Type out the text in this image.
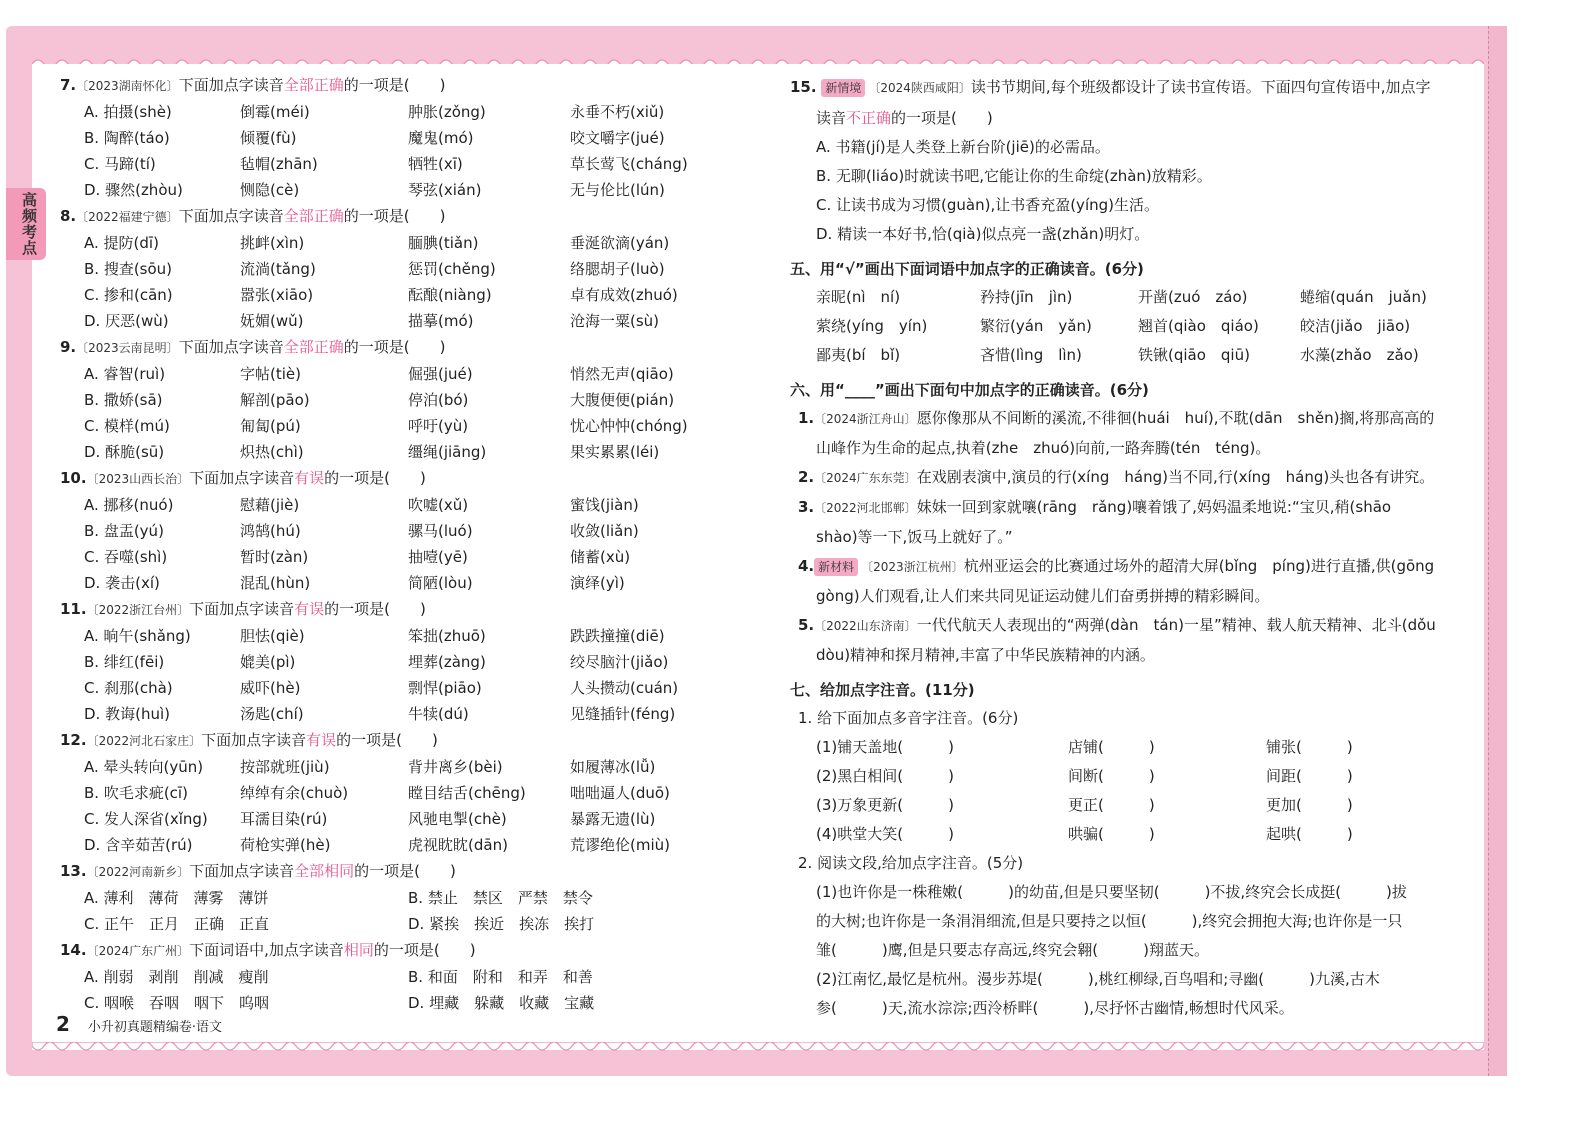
高频考点
7.〔2023湖南怀化〕下面加点字读音全部正确的一项是(　　)
A. 拍摄(shè)	倒霉(méi)	肿胀(zǒng)	永垂不朽(xiǔ)
B. 陶醉(táo)	倾覆(fù)	魔鬼(mó)	咬文嚼字(jué)
C. 马蹄(tí)	毡帽(zhān)	牺牲(xī)	草长莺飞(cháng)
D. 骤然(zhòu)	恻隐(cè)	琴弦(xián)	无与伦比(lún)
8.〔2022福建宁德〕下面加点字读音全部正确的一项是(　　)
A. 提防(dī)	挑衅(xìn)	腼腆(tiǎn)	垂涎欲滴(yán)
B. 搜查(sōu)	流淌(tǎng)	惩罚(chěng)	络腮胡子(luò)
C. 掺和(cān)	嚣张(xiāo)	酝酿(niàng)	卓有成效(zhuó)
D. 厌恶(wù)	妩媚(wǔ)	描摹(mó)	沧海一粟(sù)
9.〔2023云南昆明〕下面加点字读音全部正确的一项是(　　)
A. 睿智(ruì)	字帖(tiè)	倔强(jué)	悄然无声(qiāo)
B. 撒娇(sā)	解剖(pāo)	停泊(bó)	大腹便便(pián)
C. 模样(mú)	匍匐(pú)	呼吁(yù)	忧心忡忡(chóng)
D. 酥脆(sū)	炽热(chì)	缰绳(jiāng)	果实累累(léi)
10.〔2023山西长治〕下面加点字读音有误的一项是(　　)
A. 挪移(nuó)	慰藉(jiè)	吹嘘(xǔ)	蜜饯(jiàn)
B. 盘盂(yú)	鸿鹄(hú)	骡马(luó)	收敛(liǎn)
C. 吞噬(shì)	暂时(zàn)	抽噎(yē)	储蓄(xù)
D. 袭击(xí)	混乱(hùn)	简陋(lòu)	演绎(yì)
11.〔2022浙江台州〕下面加点字读音有误的一项是(　　)
A. 晌午(shǎng)	胆怯(qiè)	笨拙(zhuō)	跌跌撞撞(diē)
B. 绯红(fēi)	媲美(pì)	埋葬(zàng)	绞尽脑汁(jiǎo)
C. 刹那(chà)	威吓(hè)	剽悍(piāo)	人头攒动(cuán)
D. 教诲(huì)	汤匙(chí)	牛犊(dú)	见缝插针(féng)
12.〔2022河北石家庄〕下面加点字读音有误的一项是(　　)
A. 晕头转向(yūn) 按部就班(jiù)	背井离乡(bèi)	如履薄冰(lǚ)
B. 吹毛求疵(cī)	绰绰有余(chuò)	瞠目结舌(chēng)	咄咄逼人(duō)
C. 发人深省(xǐng) 耳濡目染(rú)	风驰电掣(chè)	暴露无遗(lù)
D. 含辛茹苦(rú)	荷枪实弹(hè)	虎视眈眈(dān)	荒谬绝伦(miù)
13.〔2022河南新乡〕下面加点字读音全部相同的一项是(　　)
A. 薄利　薄荷　薄雾　薄饼	B. 禁止　禁区　严禁　禁令
C. 正午　正月　正确　正直	D. 紧挨　挨近　挨冻　挨打
14.〔2024广东广州〕下面词语中,加点字读音相同的一项是(　　)
A. 削弱　剥削　削减　瘦削	B. 和面　附和　和弄　和善
C. 咽喉　吞咽　咽下　呜咽	D. 埋藏　躲藏　收藏　宝藏
15. 新情境 〔2024陕西咸阳〕读书节期间,每个班级都设计了读书宣传语。下面四句宣传语中,加点字
读音不正确的一项是(　　)
A. 书籍(jí)是人类登上新台阶(jiē)的必需品。
B. 无聊(liáo)时就读书吧,它能让你的生命绽(zhàn)放精彩。
C. 让读书成为习惯(guàn),让书香充盈(yíng)生活。
D. 精读一本好书,恰(qià)似点亮一盏(zhǎn)明灯。
五、用“√”画出下面词语中加点字的正确读音。(6分)
亲昵(nì　ní)	矜持(jīn　jìn)	开凿(zuó　záo)	蜷缩(quán　juǎn)
萦绕(yíng　yín)	繁衍(yán　yǎn)	翘首(qiào　qiáo)	皎洁(jiǎo　jiāo)
鄙夷(bí　bǐ)	吝惜(lìng　lìn)	铁锹(qiāo　qiū)	水藻(zhǎo　zǎo)
六、用“____”画出下面句中加点字的正确读音。(6分)
1.〔2024浙江舟山〕愿你像那从不间断的溪流,不徘徊(huái　huí),不耽(dān　shěn)搁,将那高高的
山峰作为生命的起点,执着(zhe　zhuó)向前,一路奔腾(tén　téng)。
2.〔2024广东东莞〕在戏剧表演中,演员的行(xíng　háng)当不同,行(xíng　háng)头也各有讲究。
3.〔2022河北邯郸〕妹妹一回到家就嚷(rāng　rǎng)嚷着饿了,妈妈温柔地说:“宝贝,稍(shāo
shào)等一下,饭马上就好了。”
4. 新材料 〔2023浙江杭州〕杭州亚运会的比赛通过场外的超清大屏(bǐng　píng)进行直播,供(gōng
gòng)人们观看,让人们来共同见证运动健儿们奋勇拼搏的精彩瞬间。
5.〔2022山东济南〕一代代航天人表现出的“两弹(dàn　tán)一星”精神、载人航天精神、北斗(dǒu
dòu)精神和探月精神,丰富了中华民族精神的内涵。
七、给加点字注音。(11分)
1. 给下面加点多音字注音。(6分)
(1)铺天盖地(　　　)	店铺(　　　)	铺张(　　　)
(2)黑白相间(　　　)	间断(　　　)	间距(　　　)
(3)万象更新(　　　)	更正(　　　)	更加(　　　)
(4)哄堂大笑(　　　)	哄骗(　　　)	起哄(　　　)
2. 阅读文段,给加点字注音。(5分)
(1)也许你是一株稚嫩(　　　)的幼苗,但是只要坚韧(　　　)不拔,终究会长成挺(　　　)拔
的大树;也许你是一条涓涓细流,但是只要持之以恒(　　　),终究会拥抱大海;也许你是一只
雏(　　　)鹰,但是只要志存高远,终究会翱(　　　)翔蓝天。
(2)江南忆,最忆是杭州。漫步苏堤(　　　),桃红柳绿,百鸟唱和;寻幽(　　　)九溪,古木
参(　　　)天,流水淙淙;西泠桥畔(　　　),尽抒怀古幽情,畅想时代风采。
2 小升初真题精编卷·语文
